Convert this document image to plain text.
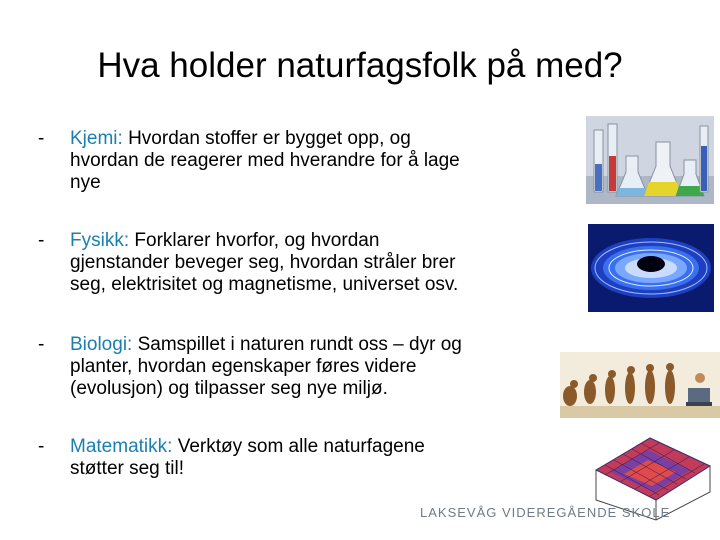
Hva holder naturfagsfolk på med?
-	Kjemi: Hvordan stoffer er bygget opp, og
hvordan de reagerer med hverandre for å lage
nye
-	Fysikk: Forklarer hvorfor, og hvordan
gjenstander beveger seg, hvordan stråler brer
seg, elektrisitet og magnetisme, universet osv.
-	Biologi: Samspillet i naturen rundt oss – dyr og
planter, hvordan egenskaper føres videre
(evolusjon) og tilpasser seg nye miljø.
-	Matematikk: Verktøy som alle naturfagene
støtter seg til!
LAKSEVÅG VIDEREGÅENDE SKOLE
